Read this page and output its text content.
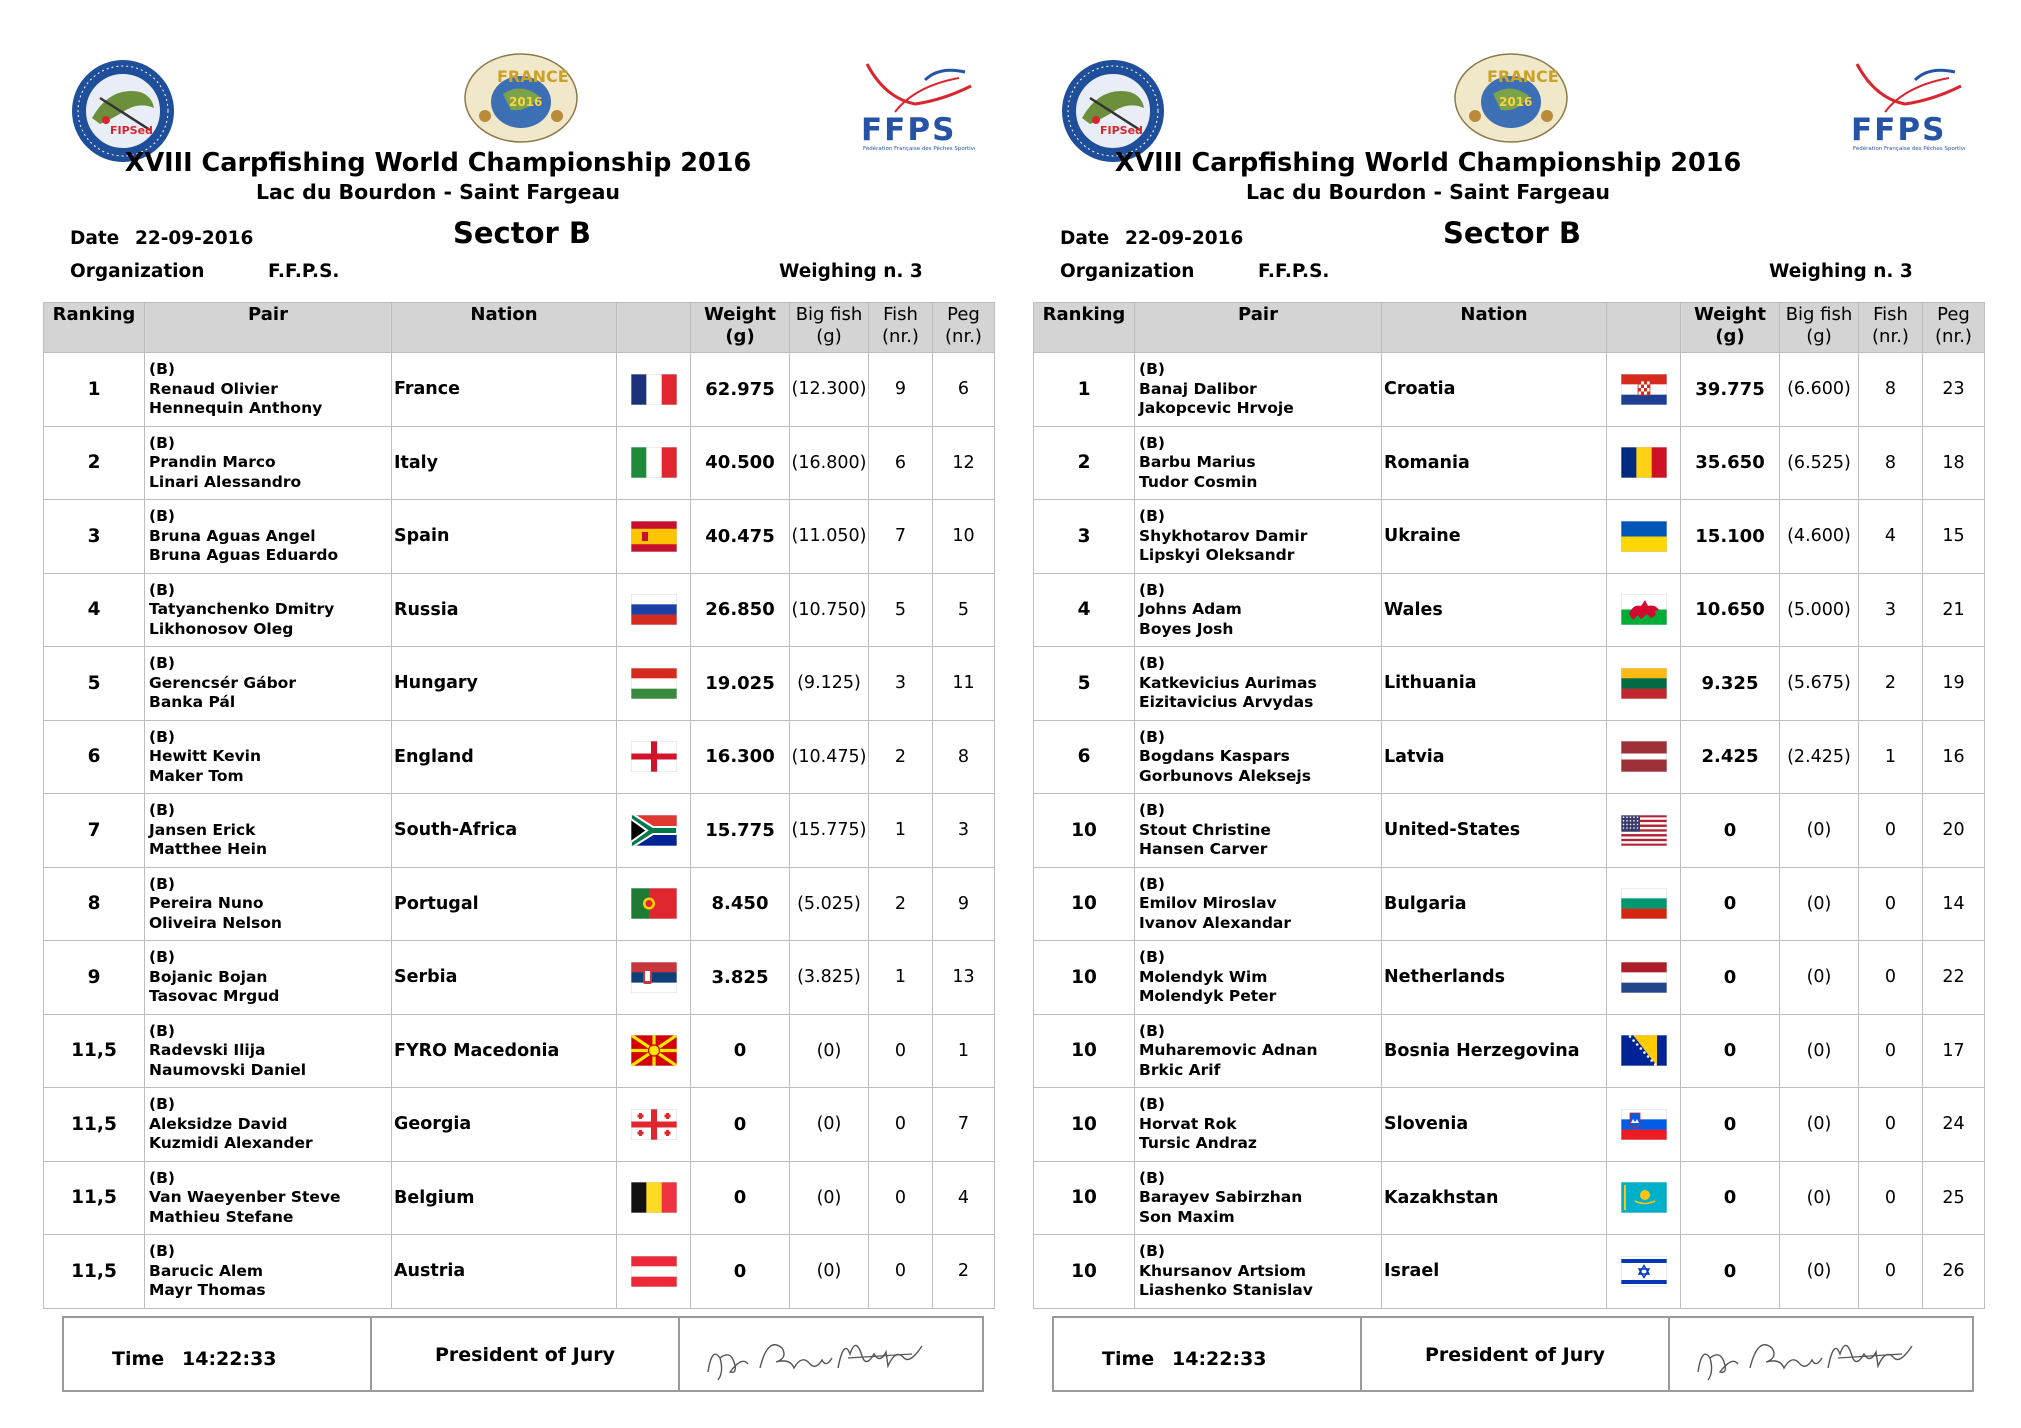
FIPSed
FRANCE
2016
FFPS
Fédération Française des Pêches Sportives
XVIII Carpfishing World Championship 2016
Lac du Bourdon - Saint Fargeau
Date 22-09-2016	Sector B
Organization	F.F.P.S.	Weighing n. 3
Ranking	Pair	Nation		Weight (g)	Big fish (g)	Fish (nr.)	Peg (nr.)
1	(B)
Renaud Olivier
Hennequin Anthony	France		62.975	(12.300)	9	6
2	(B)
Prandin Marco
Linari Alessandro	Italy		40.500	(16.800)	6	12
3	(B)
Bruna Aguas Angel
Bruna Aguas Eduardo	Spain		40.475	(11.050)	7	10
4	(B)
Tatyanchenko Dmitry
Likhonosov Oleg	Russia		26.850	(10.750)	5	5
5	(B)
Gerencsér Gábor
Banka Pál	Hungary		19.025	(9.125)	3	11
6	(B)
Hewitt Kevin
Maker Tom	England		16.300	(10.475)	2	8
7	(B)
Jansen Erick
Matthee Hein	South-Africa		15.775	(15.775)	1	3
8	(B)
Pereira Nuno
Oliveira Nelson	Portugal		8.450	(5.025)	2	9
9	(B)
Bojanic Bojan
Tasovac Mrgud	Serbia		3.825	(3.825)	1	13
11,5	(B)
Radevski Ilija
Naumovski Daniel	FYRO Macedonia		0	(0)	0	1
11,5	(B)
Aleksidze David
Kuzmidi Alexander	Georgia		0	(0)	0	7
11,5	(B)
Van Waeyenber Steve
Mathieu Stefane	Belgium		0	(0)	0	4
11,5	(B)
Barucic Alem
Mayr Thomas	Austria		0	(0)	0	2
Time 14:22:33	President of Jury
FIPSed
FRANCE
2016
FFPS
Fédération Française des Pêches Sportives
XVIII Carpfishing World Championship 2016
Lac du Bourdon - Saint Fargeau
Date 22-09-2016	Sector B
Organization	F.F.P.S.	Weighing n. 3
Ranking	Pair	Nation		Weight (g)	Big fish (g)	Fish (nr.)	Peg (nr.)
1	(B)
Banaj Dalibor
Jakopcevic Hrvoje	Croatia		39.775	(6.600)	8	23
2	(B)
Barbu Marius
Tudor Cosmin	Romania		35.650	(6.525)	8	18
3	(B)
Shykhotarov Damir
Lipskyi Oleksandr	Ukraine		15.100	(4.600)	4	15
4	(B)
Johns Adam
Boyes Josh	Wales		10.650	(5.000)	3	21
5	(B)
Katkevicius Aurimas
Eizitavicius Arvydas	Lithuania		9.325	(5.675)	2	19
6	(B)
Bogdans Kaspars
Gorbunovs Aleksejs	Latvia		2.425	(2.425)	1	16
10	(B)
Stout Christine
Hansen Carver	United-States		0	(0)	0	20
10	(B)
Emilov Miroslav
Ivanov Alexandar	Bulgaria		0	(0)	0	14
10	(B)
Molendyk Wim
Molendyk Peter	Netherlands		0	(0)	0	22
10	(B)
Muharemovic Adnan
Brkic Arif	Bosnia Herzegovina		0	(0)	0	17
10	(B)
Horvat Rok
Tursic Andraz	Slovenia		0	(0)	0	24
10	(B)
Barayev Sabirzhan
Son Maxim	Kazakhstan		0	(0)	0	25
10	(B)
Khursanov Artsiom
Liashenko Stanislav	Israel		0	(0)	0	26
Time 14:22:33	President of Jury
